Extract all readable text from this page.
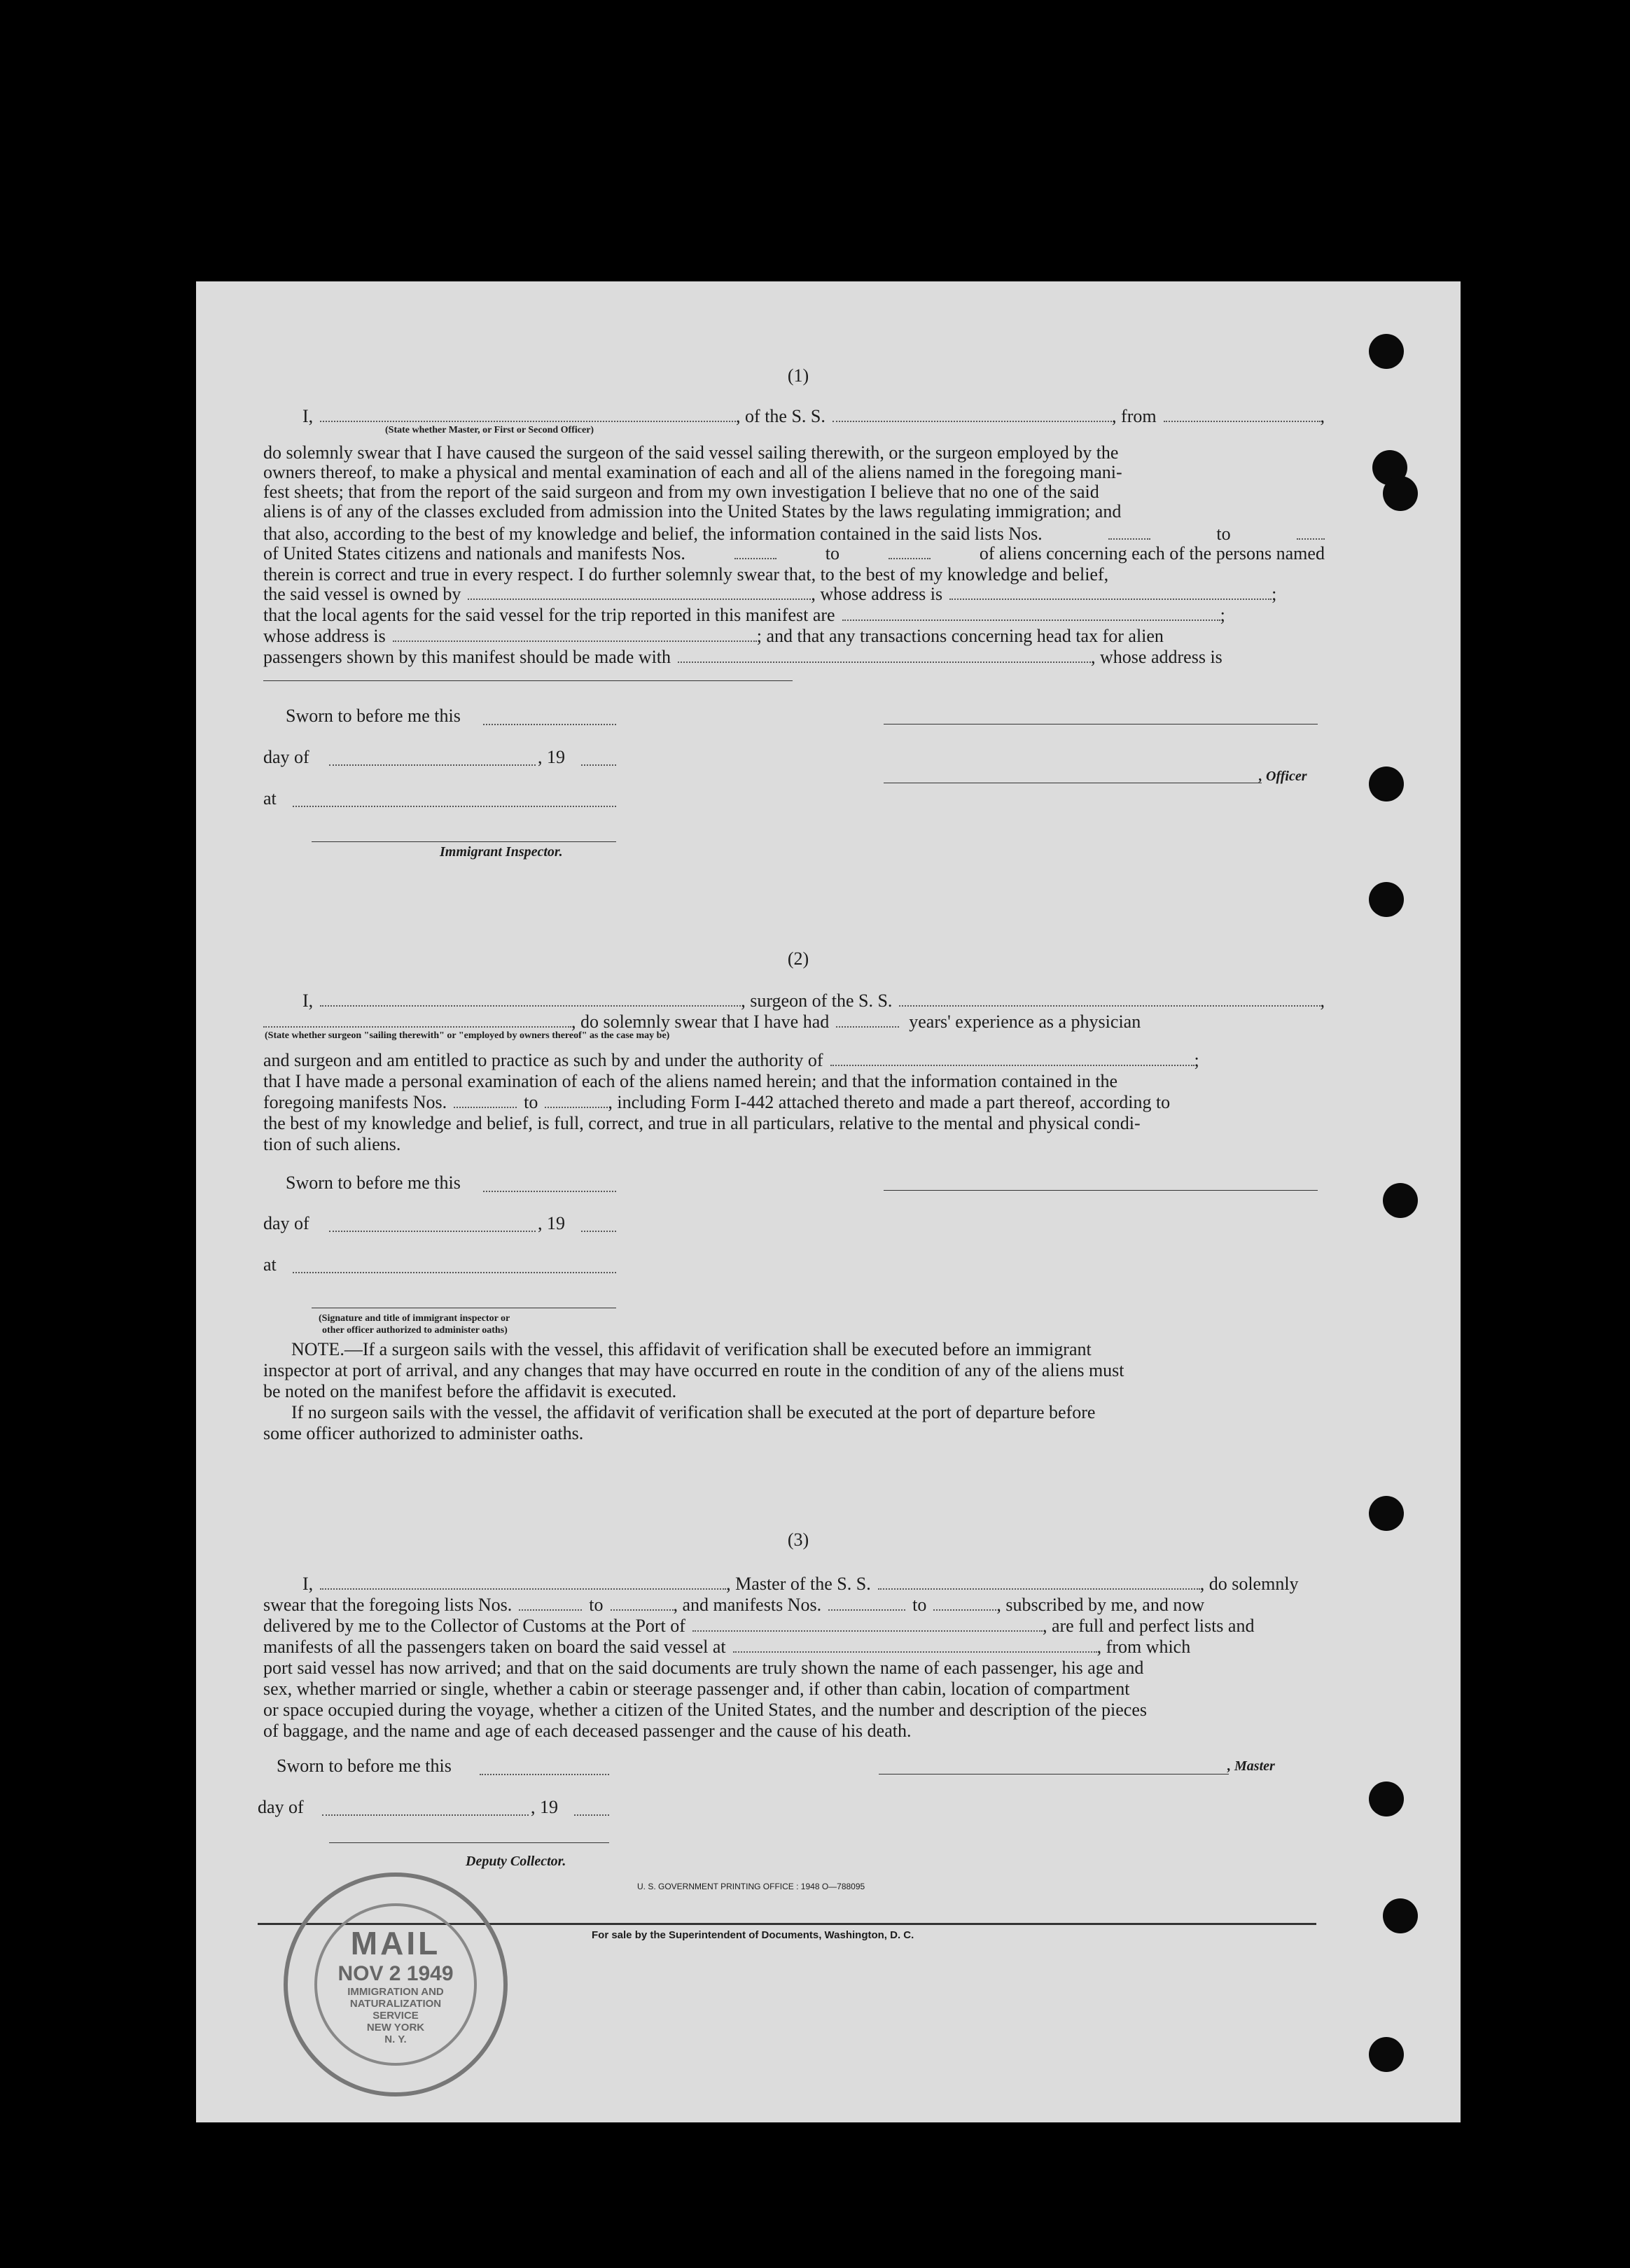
(1)
I,	, of the S. S.	, from	,
(State whether Master, or First or Second Officer)
do solemnly swear that I have caused the surgeon of the said vessel sailing therewith, or the surgeon employed by the
owners thereof, to make a physical and mental examination of each and all of the aliens named in the foregoing mani-
fest sheets; that from the report of the said surgeon and from my own investigation I believe that no one of the said
aliens is of any of the classes excluded from admission into the United States by the laws regulating immigration; and
that also, according to the best of my knowledge and belief, the information contained in the said lists Nos.	to
of United States citizens and nationals and manifests Nos.	to	of aliens concerning each of the persons named
therein is correct and true in every respect. I do further solemnly swear that, to the best of my knowledge and belief,
the said vessel is owned by	, whose address is	;
that the local agents for the said vessel for the trip reported in this manifest are	;
whose address is	; and that any transactions concerning head tax for alien
passengers shown by this manifest should be made with	, whose address is
Sworn to before me this
day of	, 19
, Officer
at
Immigrant Inspector.
(2)
I,	, surgeon of the S. S.	,
, do solemnly swear that I have had	years' experience as a physician
(State whether surgeon "sailing therewith" or "employed by owners thereof" as the case may be)
and surgeon and am entitled to practice as such by and under the authority of	;
that I have made a personal examination of each of the aliens named herein; and that the information contained in the
foregoing manifests Nos.	to	, including Form I-442 attached thereto and made a part thereof, according to
the best of my knowledge and belief, is full, correct, and true in all particulars, relative to the mental and physical condi-
tion of such aliens.
Sworn to before me this
day of	, 19
at
(Signature and title of immigrant inspector or
other officer authorized to administer oaths)
NOTE.—If a surgeon sails with the vessel, this affidavit of verification shall be executed before an immigrant
inspector at port of arrival, and any changes that may have occurred en route in the condition of any of the aliens must
be noted on the manifest before the affidavit is executed.
If no surgeon sails with the vessel, the affidavit of verification shall be executed at the port of departure before
some officer authorized to administer oaths.
(3)
I,	, Master of the S. S.	, do solemnly
swear that the foregoing lists Nos.	to	, and manifests Nos.	to	, subscribed by me, and now
delivered by me to the Collector of Customs at the Port of	, are full and perfect lists and
manifests of all the passengers taken on board the said vessel at	, from which
port said vessel has now arrived; and that on the said documents are truly shown the name of each passenger, his age and
sex, whether married or single, whether a cabin or steerage passenger and, if other than cabin, location of compartment
or space occupied during the voyage, whether a citizen of the United States, and the number and description of the pieces
of baggage, and the name and age of each deceased passenger and the cause of his death.
Sworn to before me this	, Master
day of	, 19
Deputy Collector.
U. S. GOVERNMENT PRINTING OFFICE : 1948 O—788095
For sale by the Superintendent of Documents, Washington, D. C.
MAIL
NOV 2 1949
IMMIGRATION AND
NATURALIZATION
SERVICE
NEW YORK
N. Y.
